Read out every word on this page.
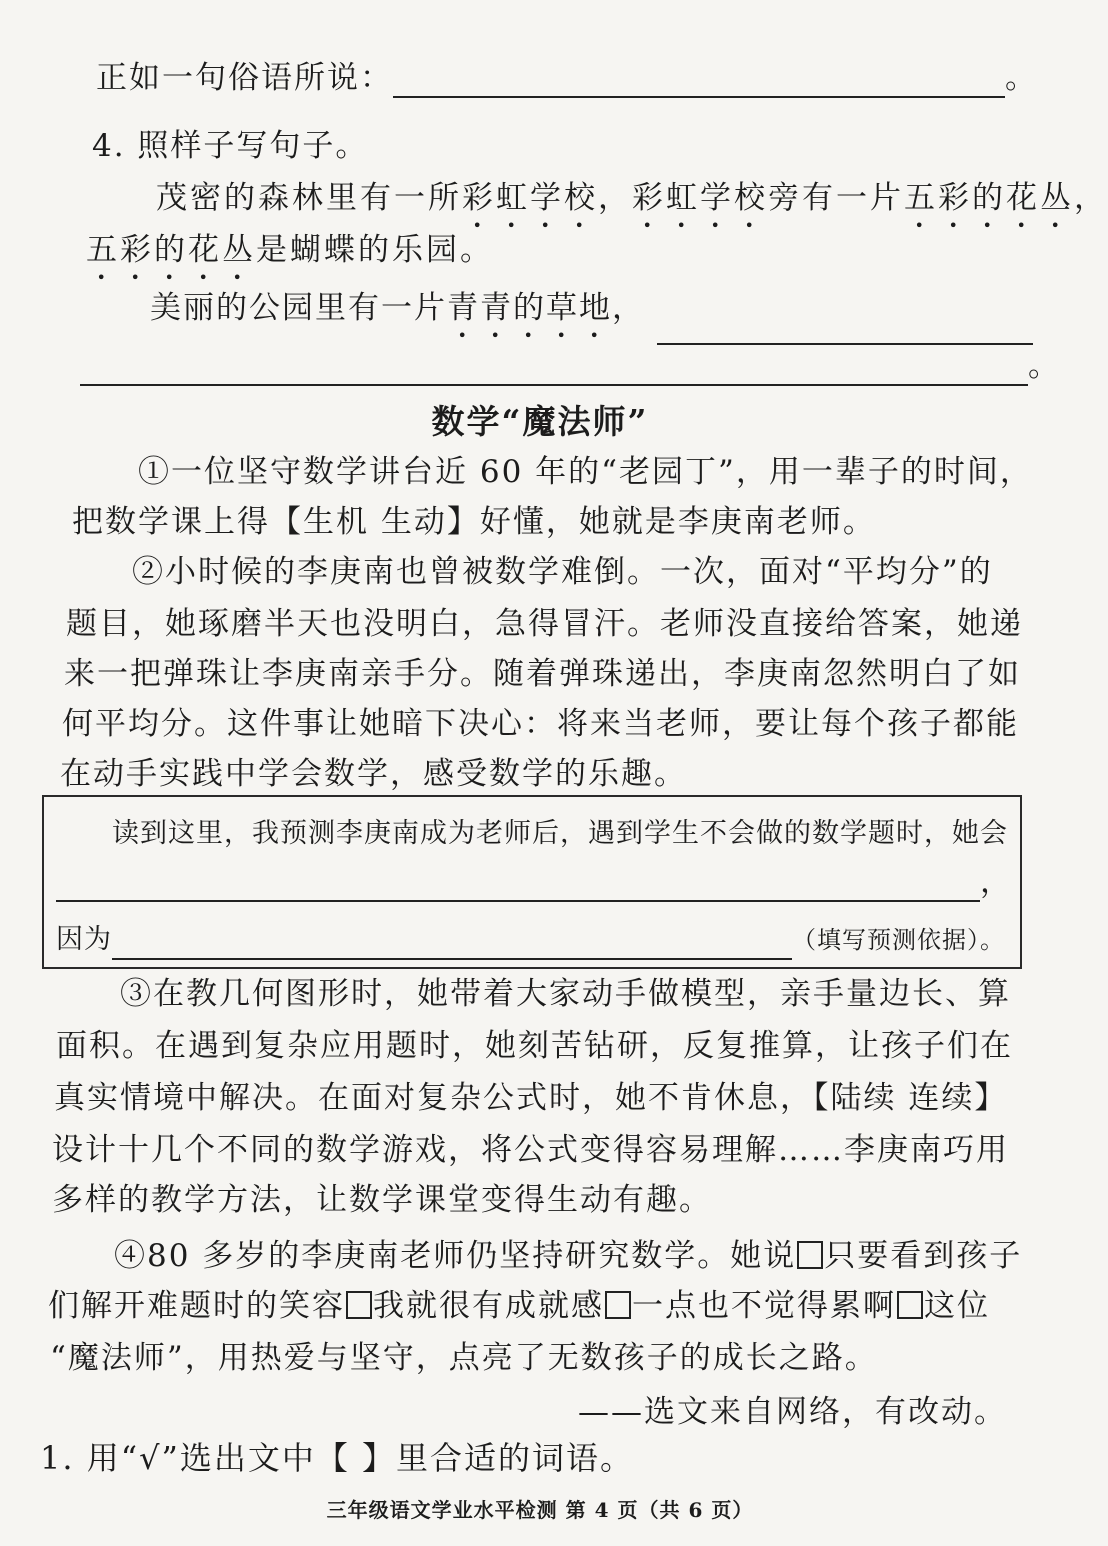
正如一句俗语所说：	。
4. 照样子写句子。
茂密的森林里有一所彩虹学校，彩虹学校旁有一片五彩的花丛，
五彩的花丛是蝴蝶的乐园。
美丽的公园里有一片青青的草地，
。
数学“魔法师”
①一位坚守数学讲台近 60 年的“老园丁”，用一辈子的时间，
把数学课上得【生机 生动】好懂，她就是李庚南老师。
②小时候的李庚南也曾被数学难倒。一次，面对“平均分”的
题目，她琢磨半天也没明白，急得冒汗。老师没直接给答案，她递
来一把弹珠让李庚南亲手分。随着弹珠递出，李庚南忽然明白了如
何平均分。这件事让她暗下决心：将来当老师，要让每个孩子都能
在动手实践中学会数学，感受数学的乐趣。
读到这里，我预测李庚南成为老师后，遇到学生不会做的数学题时，她会
，
因为	（填写预测依据）。
③在教几何图形时，她带着大家动手做模型，亲手量边长、算
面积。在遇到复杂应用题时，她刻苦钻研，反复推算，让孩子们在
真实情境中解决。在面对复杂公式时，她不肯休息，【陆续 连续】
设计十几个不同的数学游戏，将公式变得容易理解……李庚南巧用
多样的教学方法，让数学课堂变得生动有趣。
④80 多岁的李庚南老师仍坚持研究数学。她说 只要看到孩子
们解开难题时的笑容 我就很有成就感 一点也不觉得累啊 这位
“魔法师”，用热爱与坚守，点亮了无数孩子的成长之路。
——选文来自网络，有改动。
1. 用“√”选出文中【 】里合适的词语。
三年级语文学业水平检测 第 4 页（共 6 页）
